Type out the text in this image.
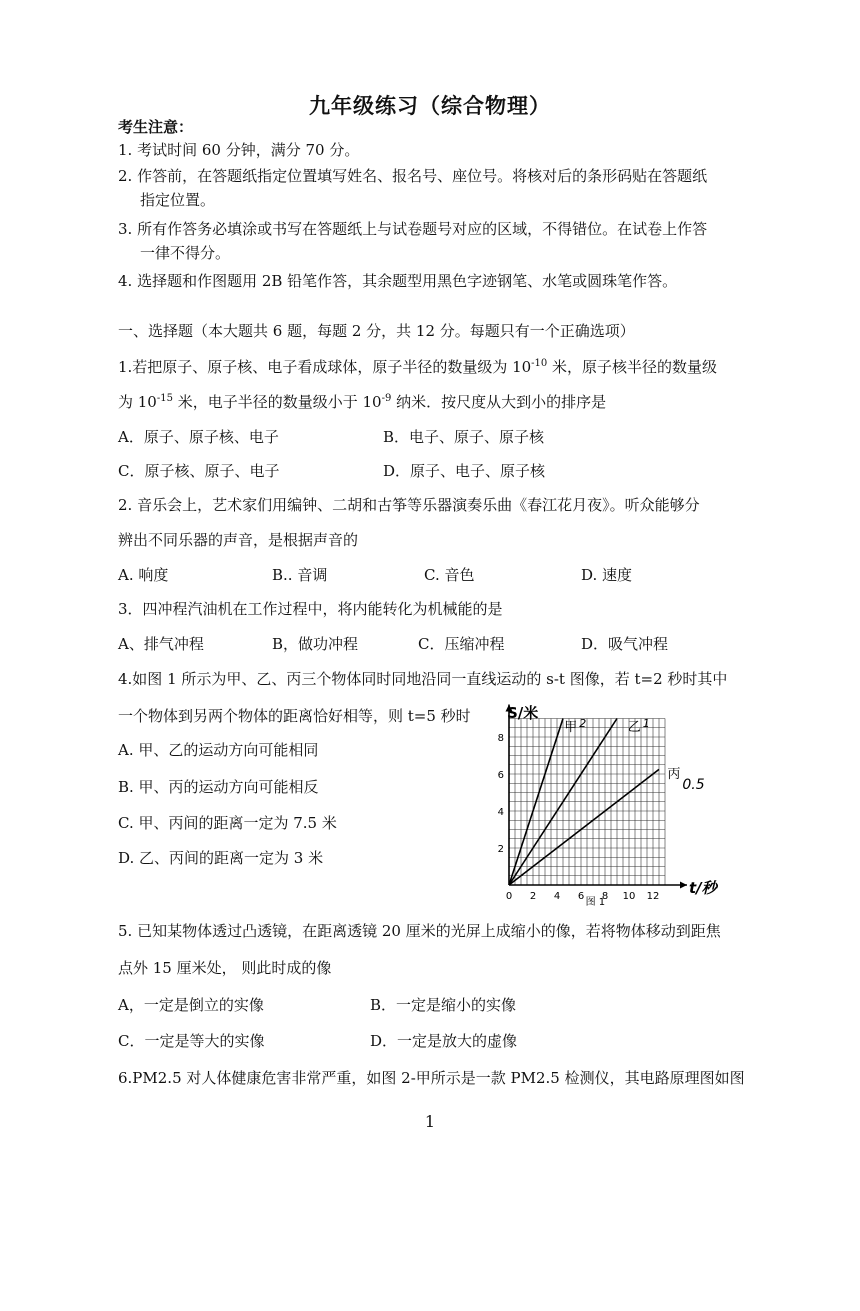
九年级练习（综合物理）
考生注意：
1. 考试时间 60 分钟，满分 70 分。
2. 作答前，在答题纸指定位置填写姓名、报名号、座位号。将核对后的条形码贴在答题纸
指定位置。
3. 所有作答务必填涂或书写在答题纸上与试卷题号对应的区域，不得错位。在试卷上作答
一律不得分。
4. 选择题和作图题用 2B 铅笔作答，其余题型用黑色字迹钢笔、水笔或圆珠笔作答。
一、选择题（本大题共 6 题，每题 2 分，共 12 分。每题只有一个正确选项）
1.若把原子、原子核、电子看成球体，原子半径的数量级为 $10^{-10}$ 米，原子核半径的数量级
为 $10^{-15}$ 米，电子半径的数量级小于 $10^{-9}$ 纳米．按尺度从大到小的排序是
A．原子、原子核、电子	B．电子、原子、原子核
C．原子核、原子、电子	D．原子、电子、原子核
2. 音乐会上，艺术家们用编钟、二胡和古筝等乐器演奏乐曲《春江花月夜》。听众能够分
辨出不同乐器的声音，是根据声音的
A. 响度	B.. 音调	C. 音色	D. 速度
3．四冲程汽油机在工作过程中，将内能转化为机械能的是
A、排气冲程	B，做功冲程	C．压缩冲程	D．吸气冲程
4.如图 1 所示为甲、乙、丙三个物体同时同地沿同一直线运动的 s-t 图像，若 t=2 秒时其中
一个物体到另两个物体的距离恰好相等，则 t=5 秒时
A. 甲、乙的运动方向可能相同
B. 甲、丙的运动方向可能相反
C. 甲、丙间的距离一定为 7.5 米
D. 乙、丙间的距离一定为 3 米
0 2 4 6 8 10 12
2
4
6
8
S/米
t/秒
图 1
甲 2	乙 1
丙
0.5
5. 已知某物体透过凸透镜，在距离透镜 20 厘米的光屏上成缩小的像，若将物体移动到距焦
点外 15 厘米处， 则此时成的像
A，一定是倒立的实像	B．一定是缩小的实像
C．一定是等大的实像	D．一定是放大的虚像
6.PM2.5 对人体健康危害非常严重，如图 2-甲所示是一款 PM2.5 检测仪，其电路原理图如图
1
